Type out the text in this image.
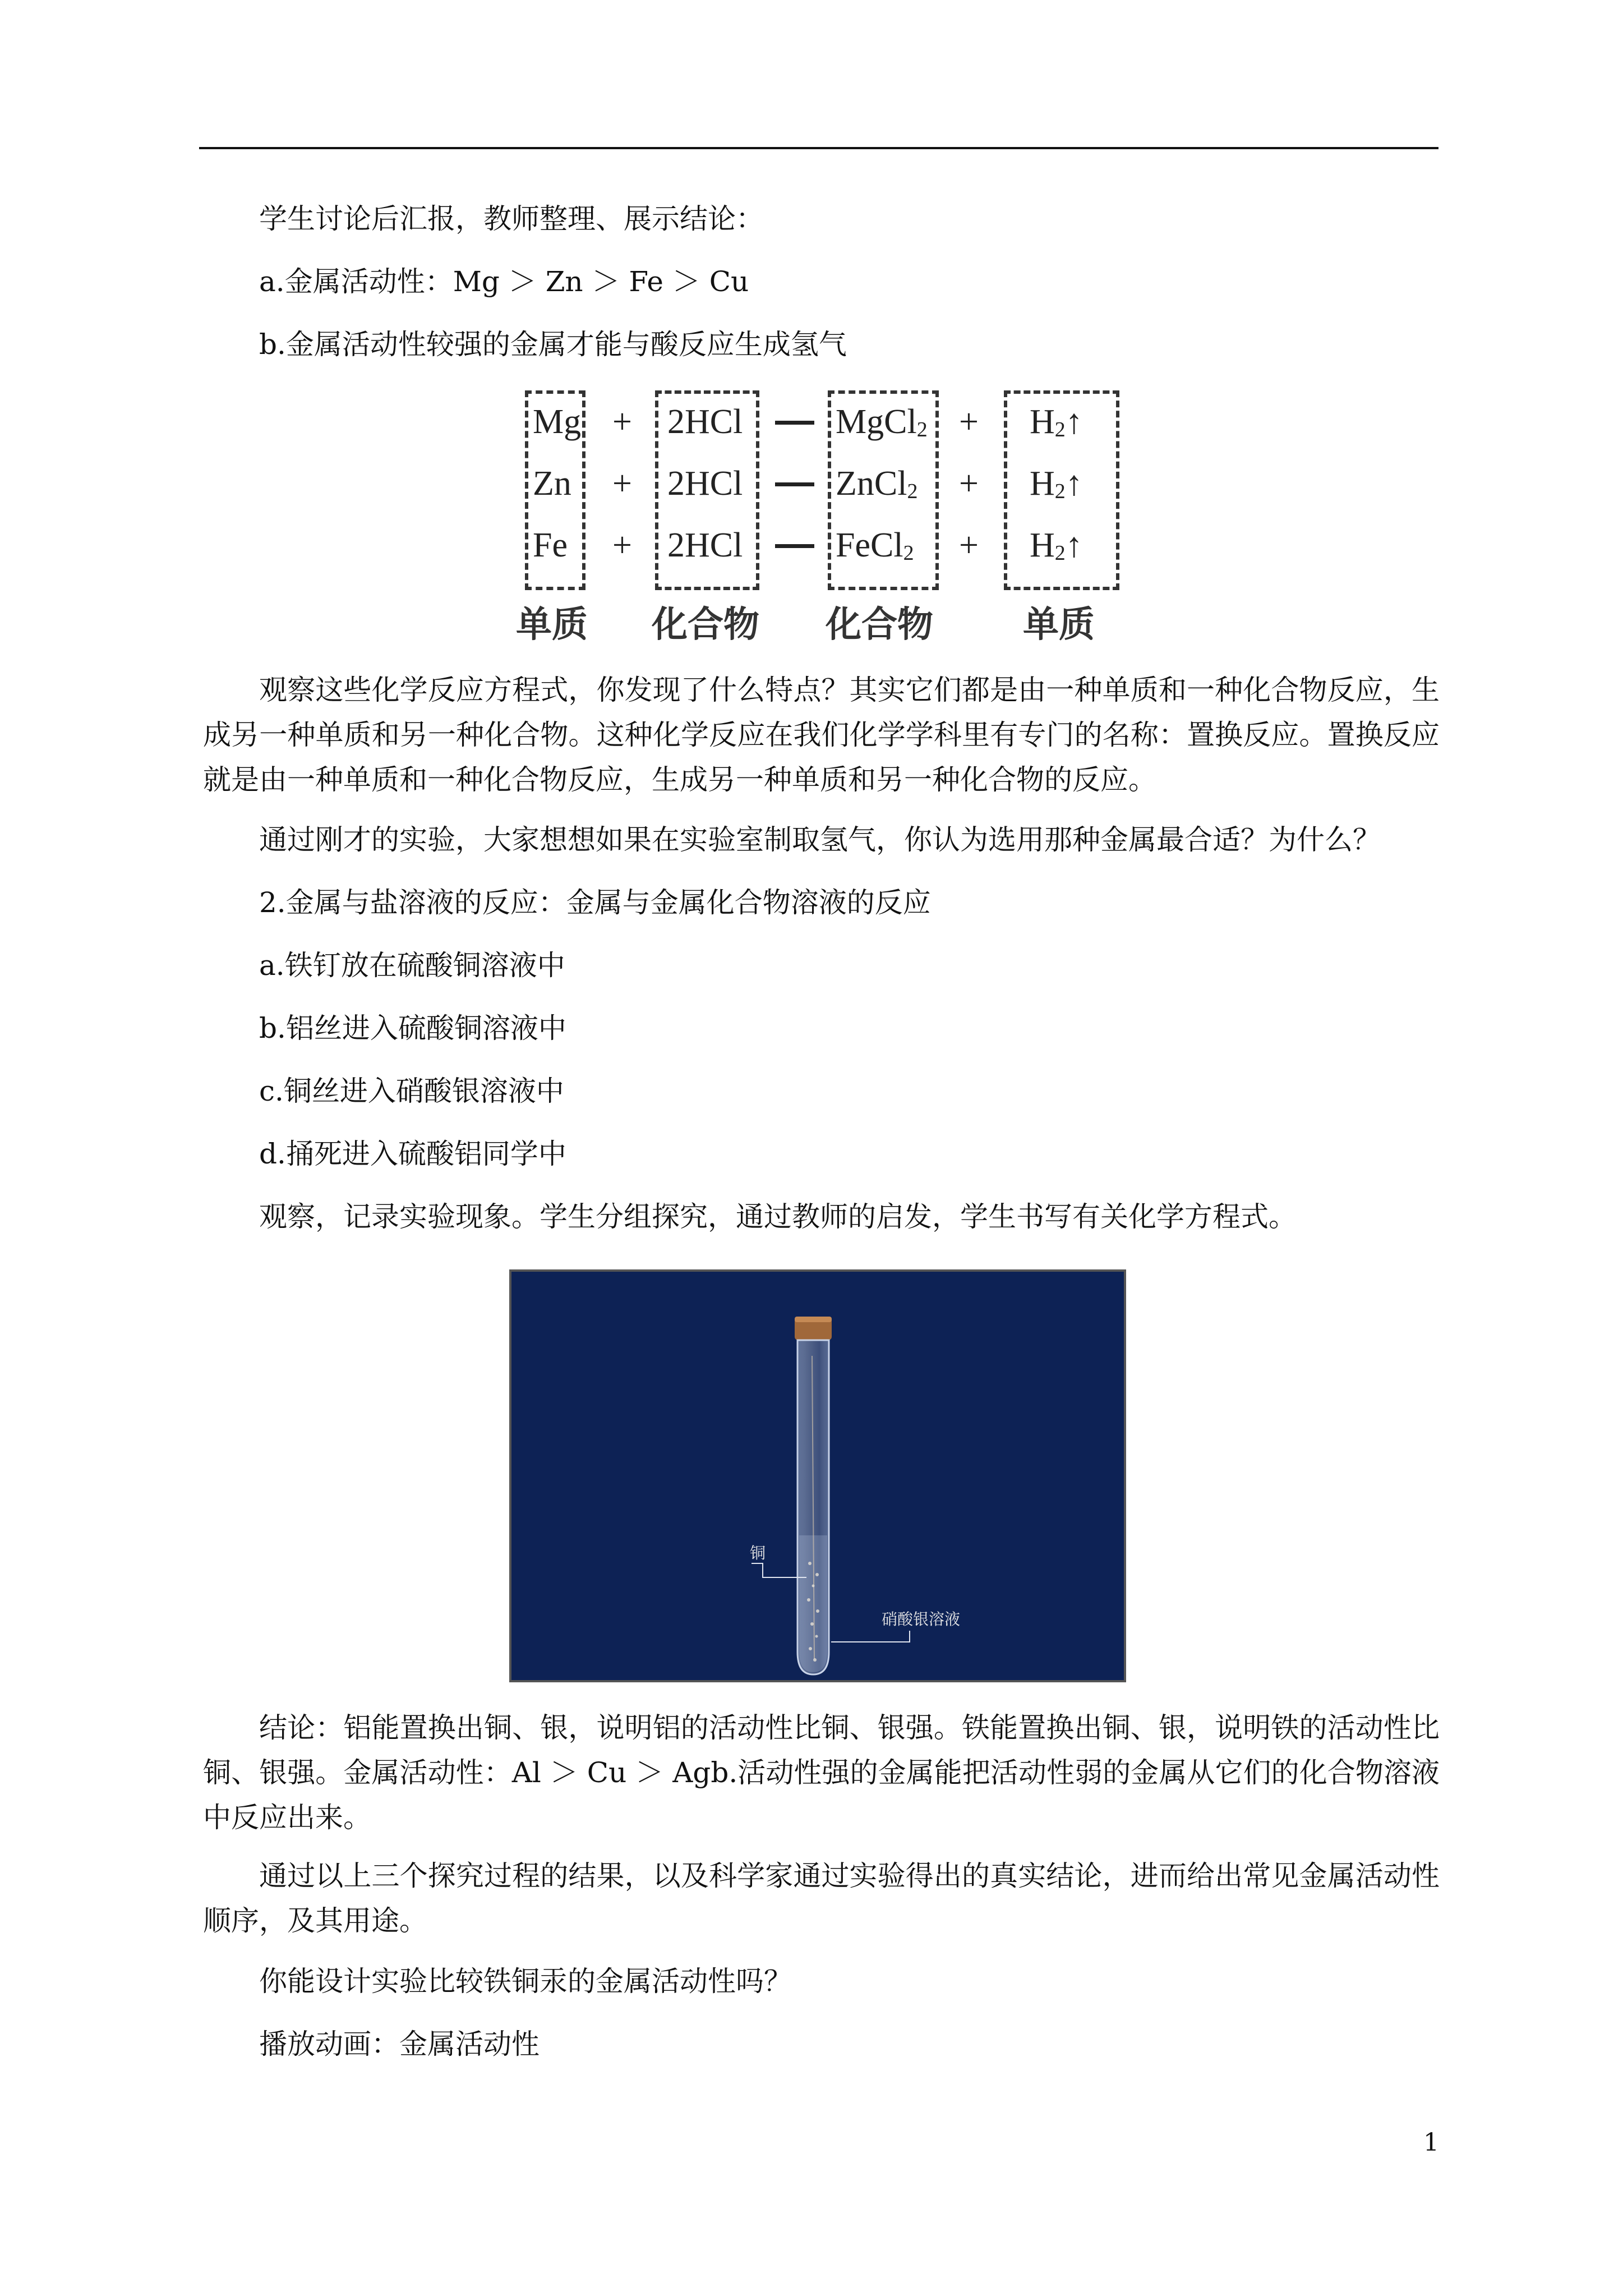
学生讨论后汇报，教师整理、展示结论：

a.金属活动性：Mg ＞ Zn ＞ Fe ＞ Cu

b.金属活动性较强的金属才能与酸反应生成氢气

Mg + 2HCl	MgCl$_2$ + $H_2↑$
Zn + 2HCl	ZnCl$_2$ + $H_2↑$
Fe + 2HCl	FeCl$_2$ + $H_2↑$
单质 化合物 化合物	单质

观察这些化学反应方程式，你发现了什么特点？其实它们都是由一种单质和一种化合物反应，生成另一种单质和另一种化合物。这种化学反应在我们化学学科里有专门的名称：置换反应。置换反应就是由一种单质和一种化合物反应，生成另一种单质和另一种化合物的反应。

通过刚才的实验，大家想想如果在实验室制取氢气，你认为选用那种金属最合适？为什么？

2.金属与盐溶液的反应：金属与金属化合物溶液的反应

a.铁钉放在硫酸铜溶液中

b.铝丝进入硫酸铜溶液中

c.铜丝进入硝酸银溶液中

d.捅死进入硫酸铝同学中

观察，记录实验现象。学生分组探究，通过教师的启发，学生书写有关化学方程式。

铜
硝酸银溶液

结论：铝能置换出铜、银，说明铝的活动性比铜、银强。铁能置换出铜、银，说明铁的活动性比铜、银强。金属活动性：Al ＞ Cu ＞ Agb.活动性强的金属能把活动性弱的金属从它们的化合物溶液中反应出来。

通过以上三个探究过程的结果，以及科学家通过实验得出的真实结论，进而给出常见金属活动性顺序，及其用途。

你能设计实验比较铁铜汞的金属活动性吗？

播放动画：金属活动性

1
